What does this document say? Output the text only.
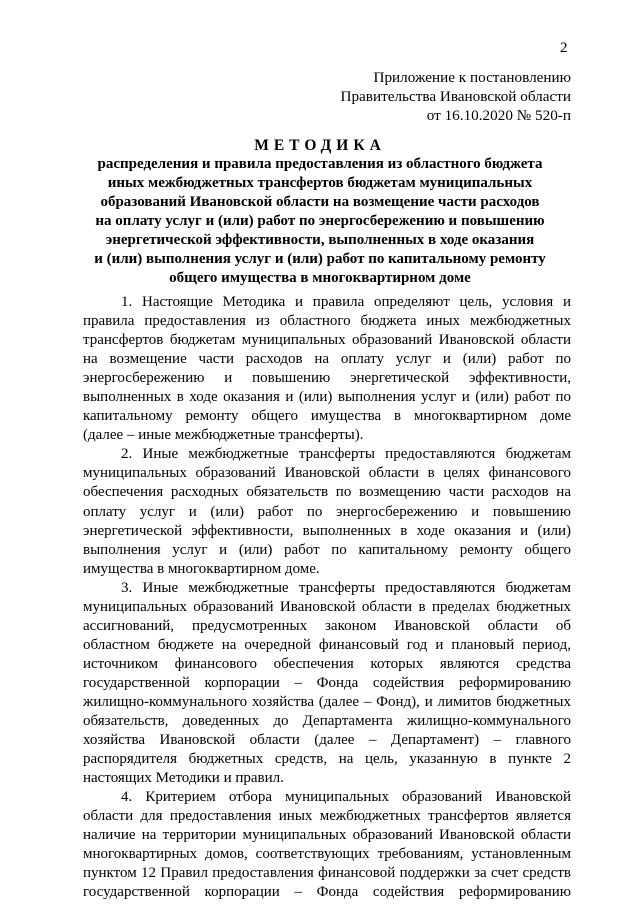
2
Приложение к постановлению
Правительства Ивановской области
от 16.10.2020 № 520-п
МЕТОДИКА
распределения и правила предоставления из областного бюджета
иных межбюджетных трансфертов бюджетам муниципальных
образований Ивановской области на возмещение части расходов
на оплату услуг и (или) работ по энергосбережению и повышению
энергетической эффективности, выполненных в ходе оказания
и (или) выполнения услуг и (или) работ по капитальному ремонту
общего имущества в многоквартирном доме
1. Настоящие Методика и правила определяют цель, условия и
правила предоставления из областного бюджета иных межбюджетных
трансфертов бюджетам муниципальных образований Ивановской области
на возмещение части расходов на оплату услуг и (или) работ по
энергосбережению и повышению энергетической эффективности,
выполненных в ходе оказания и (или) выполнения услуг и (или) работ по
капитальному ремонту общего имущества в многоквартирном доме
(далее – иные межбюджетные трансферты).
2. Иные межбюджетные трансферты предоставляются бюджетам
муниципальных образований Ивановской области в целях финансового
обеспечения расходных обязательств по возмещению части расходов на
оплату услуг и (или) работ по энергосбережению и повышению
энергетической эффективности, выполненных в ходе оказания и (или)
выполнения услуг и (или) работ по капитальному ремонту общего
имущества в многоквартирном доме.
3. Иные межбюджетные трансферты предоставляются бюджетам
муниципальных образований Ивановской области в пределах бюджетных
ассигнований, предусмотренных законом Ивановской области об
областном бюджете на очередной финансовый год и плановый период,
источником финансового обеспечения которых являются средства
государственной корпорации – Фонда содействия реформированию
жилищно-коммунального хозяйства (далее – Фонд), и лимитов бюджетных
обязательств, доведенных до Департамента жилищно-коммунального
хозяйства Ивановской области (далее – Департамент) – главного
распорядителя бюджетных средств, на цель, указанную в пункте 2
настоящих Методики и правил.
4. Критерием отбора муниципальных образований Ивановской
области для предоставления иных межбюджетных трансфертов является
наличие на территории муниципальных образований Ивановской области
многоквартирных домов, соответствующих требованиям, установленным
пунктом 12 Правил предоставления финансовой поддержки за счет средств
государственной корпорации – Фонда содействия реформированию
